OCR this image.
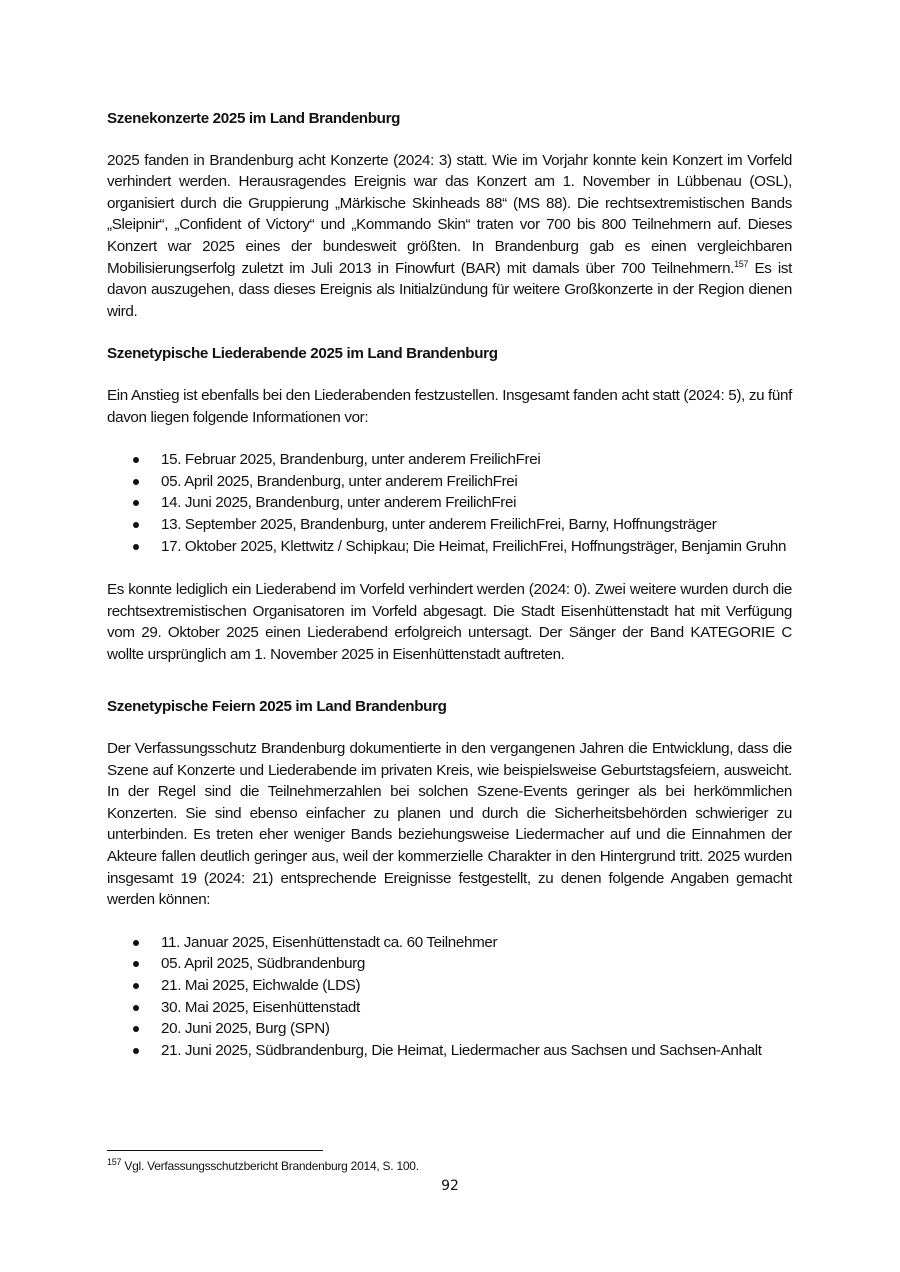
Szenekonzerte 2025 im Land Brandenburg

2025 fanden in Brandenburg acht Konzerte (2024: 3) statt. Wie im Vorjahr konnte kein Konzert im Vorfeld verhindert werden. Herausragendes Ereignis war das Konzert am 1. November in Lübbenau (OSL), organisiert durch die Gruppierung „Märkische Skinheads 88“ (MS 88). Die rechtsextremistischen Bands „Sleipnir“, „Confident of Victory“ und „Kommando Skin“ traten vor 700 bis 800 Teilnehmern auf. Dieses Konzert war 2025 eines der bundesweit größten. In Brandenburg gab es einen vergleichbaren Mobilisierungserfolg zuletzt im Juli 2013 in Finowfurt (BAR) mit damals über 700 Teilnehmern.$^{157}$ Es ist davon auszugehen, dass dieses Ereignis als Initialzündung für weitere Großkonzerte in der Region dienen wird.

Szenetypische Liederabende 2025 im Land Brandenburg

Ein Anstieg ist ebenfalls bei den Liederabenden festzustellen. Insgesamt fanden acht statt (2024: 5), zu fünf davon liegen folgende Informationen vor:

15. Februar 2025, Brandenburg, unter anderem FreilichFrei
05. April 2025, Brandenburg, unter anderem FreilichFrei
14. Juni 2025, Brandenburg, unter anderem FreilichFrei
13. September 2025, Brandenburg, unter anderem FreilichFrei, Barny, Hoffnungsträger
17. Oktober 2025, Klettwitz / Schipkau; Die Heimat, FreilichFrei, Hoffnungsträger, Benjamin Gruhn

Es konnte lediglich ein Liederabend im Vorfeld verhindert werden (2024: 0). Zwei weitere wurden durch die rechtsextremistischen Organisatoren im Vorfeld abgesagt. Die Stadt Eisenhüttenstadt hat mit Verfügung vom 29. Oktober 2025 einen Liederabend erfolgreich untersagt. Der Sänger der Band KATEGORIE C wollte ursprünglich am 1. November 2025 in Eisenhüttenstadt auftreten.

Szenetypische Feiern 2025 im Land Brandenburg

Der Verfassungsschutz Brandenburg dokumentierte in den vergangenen Jahren die Entwicklung, dass die Szene auf Konzerte und Liederabende im privaten Kreis, wie beispielsweise Geburtstagsfeiern, ausweicht. In der Regel sind die Teilnehmerzahlen bei solchen Szene-Events geringer als bei herkömmlichen Konzerten. Sie sind ebenso einfacher zu planen und durch die Sicherheitsbehörden schwieriger zu unterbinden. Es treten eher weniger Bands beziehungsweise Liedermacher auf und die Einnahmen der Akteure fallen deutlich geringer aus, weil der kommerzielle Charakter in den Hintergrund tritt. 2025 wurden insgesamt 19 (2024: 21) entsprechende Ereignisse festgestellt, zu denen folgende Angaben gemacht werden können:

11. Januar 2025, Eisenhüttenstadt ca. 60 Teilnehmer
05. April 2025, Südbrandenburg
21. Mai 2025, Eichwalde (LDS)
30. Mai 2025, Eisenhüttenstadt
20. Juni 2025, Burg (SPN)
21. Juni 2025, Südbrandenburg, Die Heimat, Liedermacher aus Sachsen und Sachsen-Anhalt
$^{157}$ Vgl. Verfassungsschutzbericht Brandenburg 2014, S. 100.
92
